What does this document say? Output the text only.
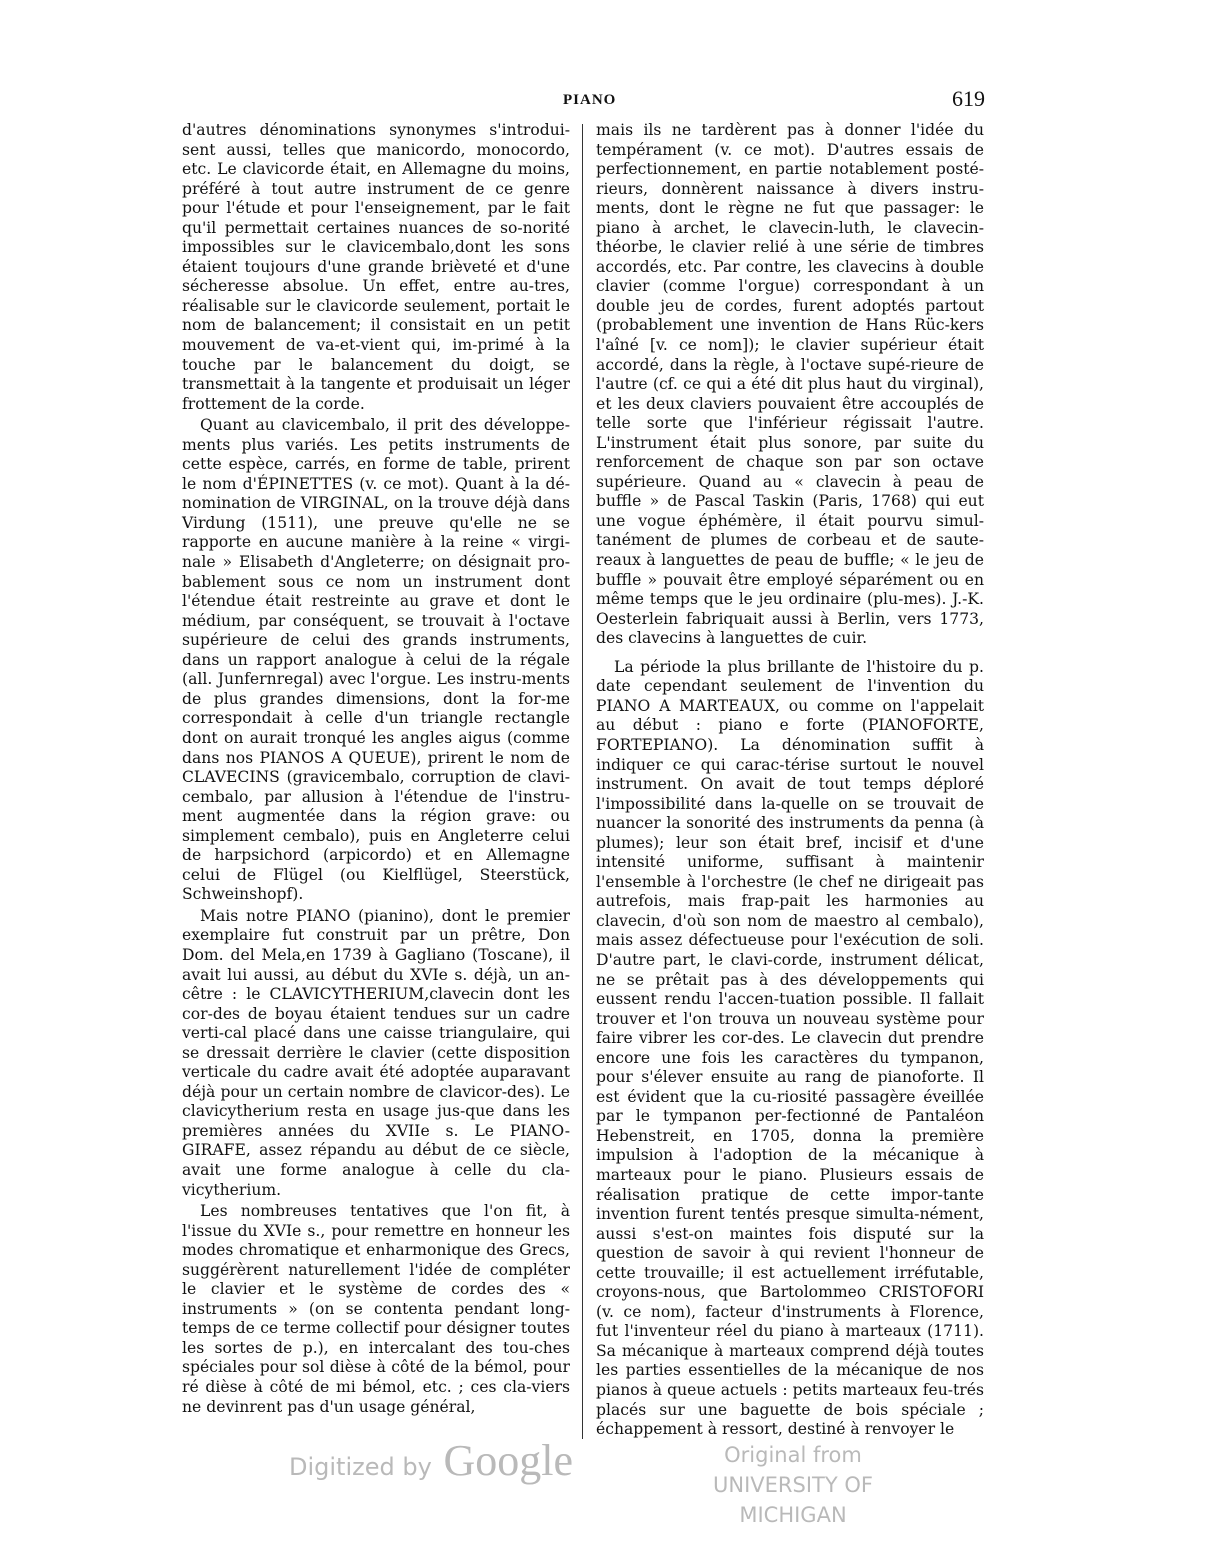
PIANO	619

d'autres dénominations synonymes s'introdui-sent aussi, telles que manicordo, monocordo, etc. Le clavicorde était, en Allemagne du moins, préféré à tout autre instrument de ce genre pour l'étude et pour l'enseignement, par le fait qu'il permettait certaines nuances de so-norité impossibles sur le clavicembalo,dont les sons étaient toujours d'une grande brièveté et d'une sécheresse absolue. Un effet, entre au-tres, réalisable sur le clavicorde seulement, portait le nom de balancement; il consistait en un petit mouvement de va-et-vient qui, im-primé à la touche par le balancement du doigt, se transmettait à la tangente et produisait un léger frottement de la corde.

Quant au clavicembalo, il prit des développe-ments plus variés. Les petits instruments de cette espèce, carrés, en forme de table, prirent le nom d'ÉPINETTES (v. ce mot). Quant à la dé-nomination de VIRGINAL, on la trouve déjà dans Virdung (1511), une preuve qu'elle ne se rapporte en aucune manière à la reine « virgi-nale » Elisabeth d'Angleterre; on désignait pro-bablement sous ce nom un instrument dont l'étendue était restreinte au grave et dont le médium, par conséquent, se trouvait à l'octave supérieure de celui des grands instruments, dans un rapport analogue à celui de la régale (all. Junfernregal) avec l'orgue. Les instru-ments de plus grandes dimensions, dont la for-me correspondait à celle d'un triangle rectangle dont on aurait tronqué les angles aigus (comme dans nos PIANOS A QUEUE), prirent le nom de CLAVECINS (gravicembalo, corruption de clavi-cembalo, par allusion à l'étendue de l'instru-ment augmentée dans la région grave: ou simplement cembalo), puis en Angleterre celui de harpsichord (arpicordo) et en Allemagne celui de Flügel (ou Kielflügel, Steerstück, Schweinshopf).

Mais notre PIANO (pianino), dont le premier exemplaire fut construit par un prêtre, Don Dom. del Mela,en 1739 à Gagliano (Toscane), il avait lui aussi, au début du XVIe s. déjà, un an-cêtre : le CLAVICYTHERIUM,clavecin dont les cor-des de boyau étaient tendues sur un cadre verti-cal placé dans une caisse triangulaire, qui se dressait derrière le clavier (cette disposition verticale du cadre avait été adoptée auparavant déjà pour un certain nombre de clavicor-des). Le clavicytherium resta en usage jus-que dans les premières années du XVIIe s. Le PIANO-GIRAFE, assez répandu au début de ce siècle, avait une forme analogue à celle du cla-vicytherium.

Les nombreuses tentatives que l'on fit, à l'issue du XVIe s., pour remettre en honneur les modes chromatique et enharmonique des Grecs, suggérèrent naturellement l'idée de compléter le clavier et le système de cordes des « instruments » (on se contenta pendant long-temps de ce terme collectif pour désigner toutes les sortes de p.), en intercalant des tou-ches spéciales pour sol dièse à côté de la bémol, pour ré dièse à côté de mi bémol, etc. ; ces cla-viers ne devinrent pas d'un usage général,

mais ils ne tardèrent pas à donner l'idée du tempérament (v. ce mot). D'autres essais de perfectionnement, en partie notablement posté-rieurs, donnèrent naissance à divers instru-ments, dont le règne ne fut que passager: le piano à archet, le clavecin-luth, le clavecin-théorbe, le clavier relié à une série de timbres accordés, etc. Par contre, les clavecins à double clavier (comme l'orgue) correspondant à un double jeu de cordes, furent adoptés partout (probablement une invention de Hans Rüc-kers l'aîné [v. ce nom]); le clavier supérieur était accordé, dans la règle, à l'octave supé-rieure de l'autre (cf. ce qui a été dit plus haut du virginal), et les deux claviers pouvaient être accouplés de telle sorte que l'inférieur régissait l'autre. L'instrument était plus sonore, par suite du renforcement de chaque son par son octave supérieure. Quand au « clavecin à peau de buffle » de Pascal Taskin (Paris, 1768) qui eut une vogue éphémère, il était pourvu simul-tanément de plumes de corbeau et de saute-reaux à languettes de peau de buffle; « le jeu de buffle » pouvait être employé séparément ou en même temps que le jeu ordinaire (plu-mes). J.-K. Oesterlein fabriquait aussi à Berlin, vers 1773, des clavecins à languettes de cuir.

La période la plus brillante de l'histoire du p. date cependant seulement de l'invention du PIANO A MARTEAUX, ou comme on l'appelait au début : piano e forte (PIANOFORTE, FORTEPIANO). La dénomination suffit à indiquer ce qui carac-térise surtout le nouvel instrument. On avait de tout temps déploré l'impossibilité dans la-quelle on se trouvait de nuancer la sonorité des instruments da penna (à plumes); leur son était bref, incisif et d'une intensité uniforme, suffisant à maintenir l'ensemble à l'orchestre (le chef ne dirigeait pas autrefois, mais frap-pait les harmonies au clavecin, d'où son nom de maestro al cembalo), mais assez défectueuse pour l'exécution de soli. D'autre part, le clavi-corde, instrument délicat, ne se prêtait pas à des développements qui eussent rendu l'accen-tuation possible. Il fallait trouver et l'on trouva un nouveau système pour faire vibrer les cor-des. Le clavecin dut prendre encore une fois les caractères du tympanon, pour s'élever ensuite au rang de pianoforte. Il est évident que la cu-riosité passagère éveillée par le tympanon per-fectionné de Pantaléon Hebenstreit, en 1705, donna la première impulsion à l'adoption de la mécanique à marteaux pour le piano. Plusieurs essais de réalisation pratique de cette impor-tante invention furent tentés presque simulta-nément, aussi s'est-on maintes fois disputé sur la question de savoir à qui revient l'honneur de cette trouvaille; il est actuellement irréfutable, croyons-nous, que Bartolommeo CRISTOFORI (v. ce nom), facteur d'instruments à Florence, fut l'inventeur réel du piano à marteaux (1711). Sa mécanique à marteaux comprend déjà toutes les parties essentielles de la mécanique de nos pianos à queue actuels : petits marteaux feu-trés placés sur une baguette de bois spéciale ; échappement à ressort, destiné à renvoyer le

Digitized by Google	Original from
UNIVERSITY OF MICHIGAN
